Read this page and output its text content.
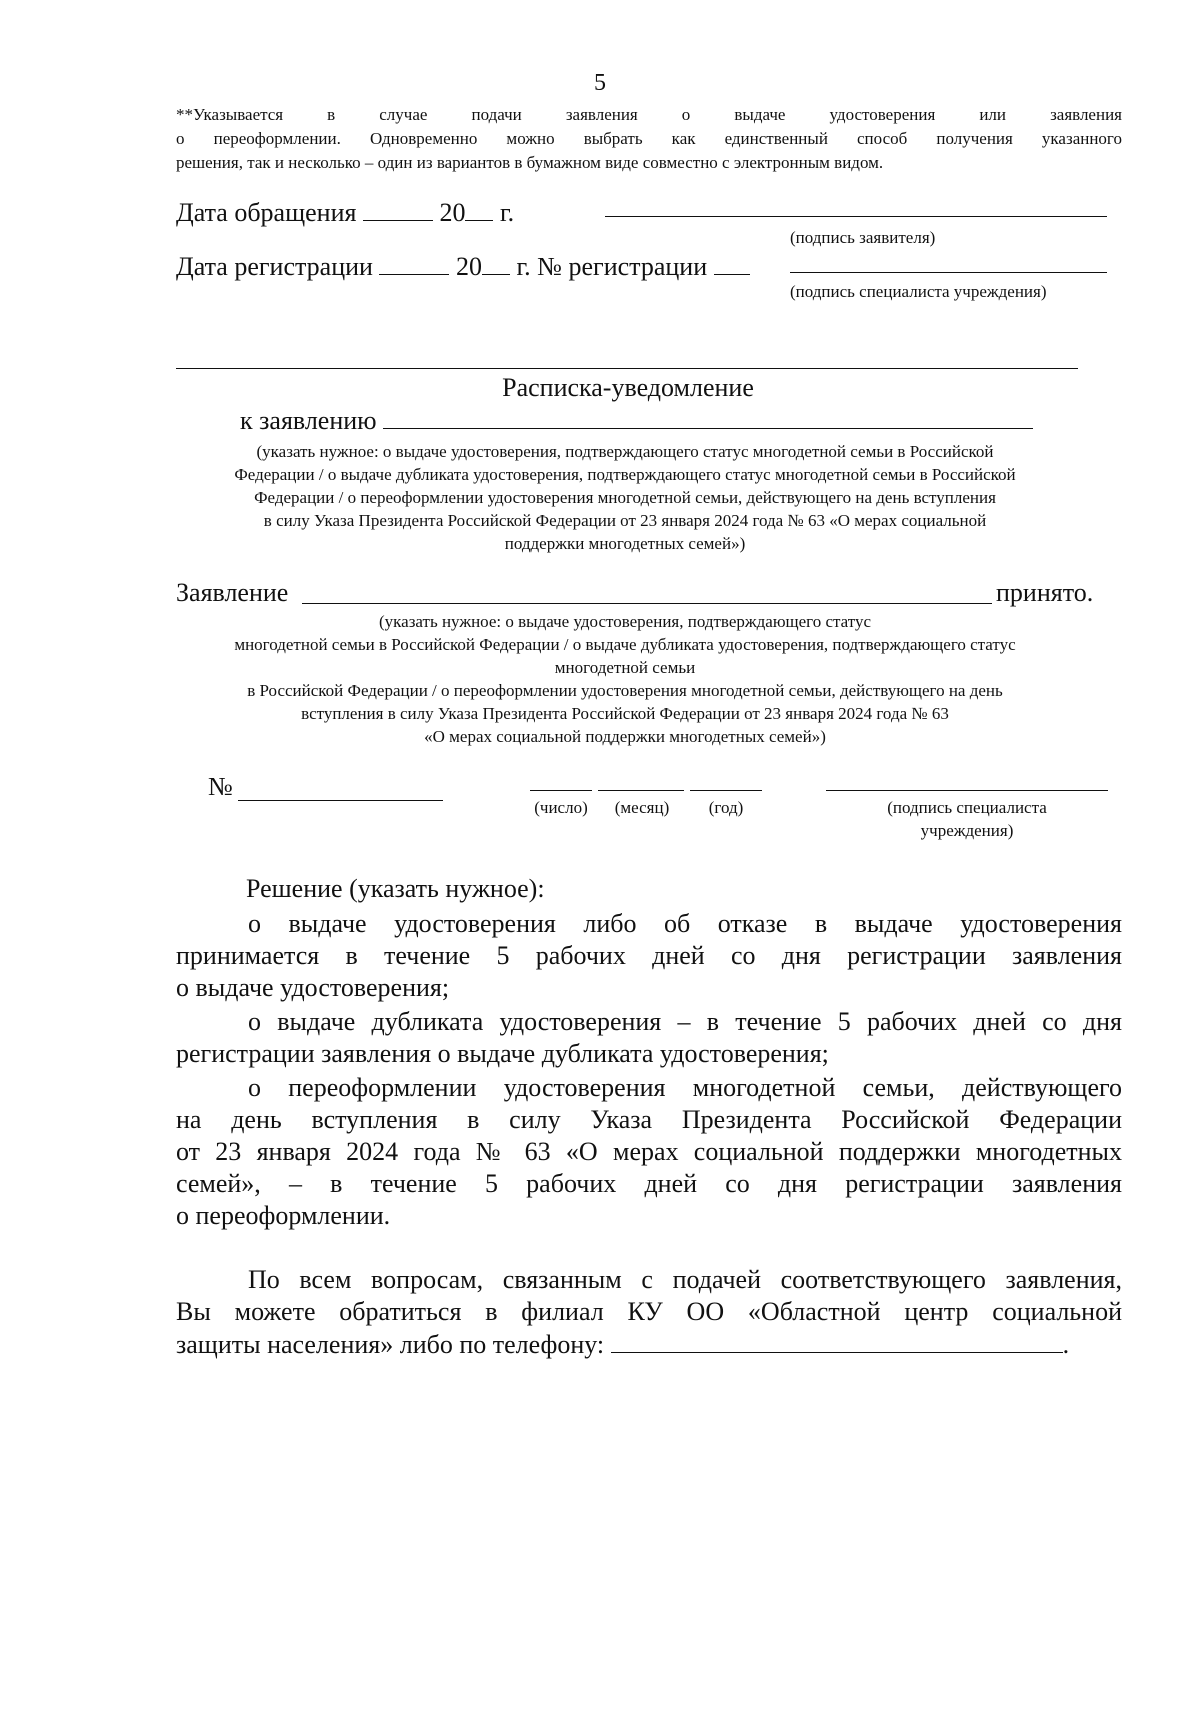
5
**Указывается в случае подачи заявления о выдаче удостоверения или заявления
о переоформлении. Одновременно можно выбрать как единственный способ получения указанного
решения, так и несколько – один из вариантов в бумажном виде совместно с электронным видом.
Дата обращения	20 г.
(подпись заявителя)
Дата регистрации	20 г. № регистрации
(подпись специалиста учреждения)
Расписка-уведомление
к заявлению
(указать нужное: о выдаче удостоверения, подтверждающего статус многодетной семьи в Российской
Федерации / о выдаче дубликата удостоверения, подтверждающего статус многодетной семьи в Российской
Федерации / о переоформлении удостоверения многодетной семьи, действующего на день вступления
в силу Указа Президента Российской Федерации от 23 января 2024 года № 63 «О мерах социальной
поддержки многодетных семей»)
Заявление	принято.
(указать нужное: о выдаче удостоверения, подтверждающего статус
многодетной семьи в Российской Федерации / о выдаче дубликата удостоверения, подтверждающего статус
многодетной семьи
в Российской Федерации / о переоформлении удостоверения многодетной семьи, действующего на день
вступления в силу Указа Президента Российской Федерации от 23 января 2024 года № 63
«О мерах социальной поддержки многодетных семей»)
№
(число)	(месяц)	(год)	(подпись специалиста
учреждения)
Решение (указать нужное):
о выдаче удостоверения либо об отказе в выдаче удостоверения
принимается в течение 5 рабочих дней со дня регистрации заявления
о выдаче удостоверения;
о выдаче дубликата удостоверения – в течение 5 рабочих дней со дня
регистрации заявления о выдаче дубликата удостоверения;
о переоформлении удостоверения многодетной семьи, действующего
на день вступления в силу Указа Президента Российской Федерации
от 23 января 2024 года № 63 «О мерах социальной поддержки многодетных
семей», – в течение 5 рабочих дней со дня регистрации заявления
о переоформлении.
По всем вопросам, связанным с подачей соответствующего заявления,
Вы можете обратиться в филиал КУ ОО «Областной центр социальной
защиты населения» либо по телефону:	.
